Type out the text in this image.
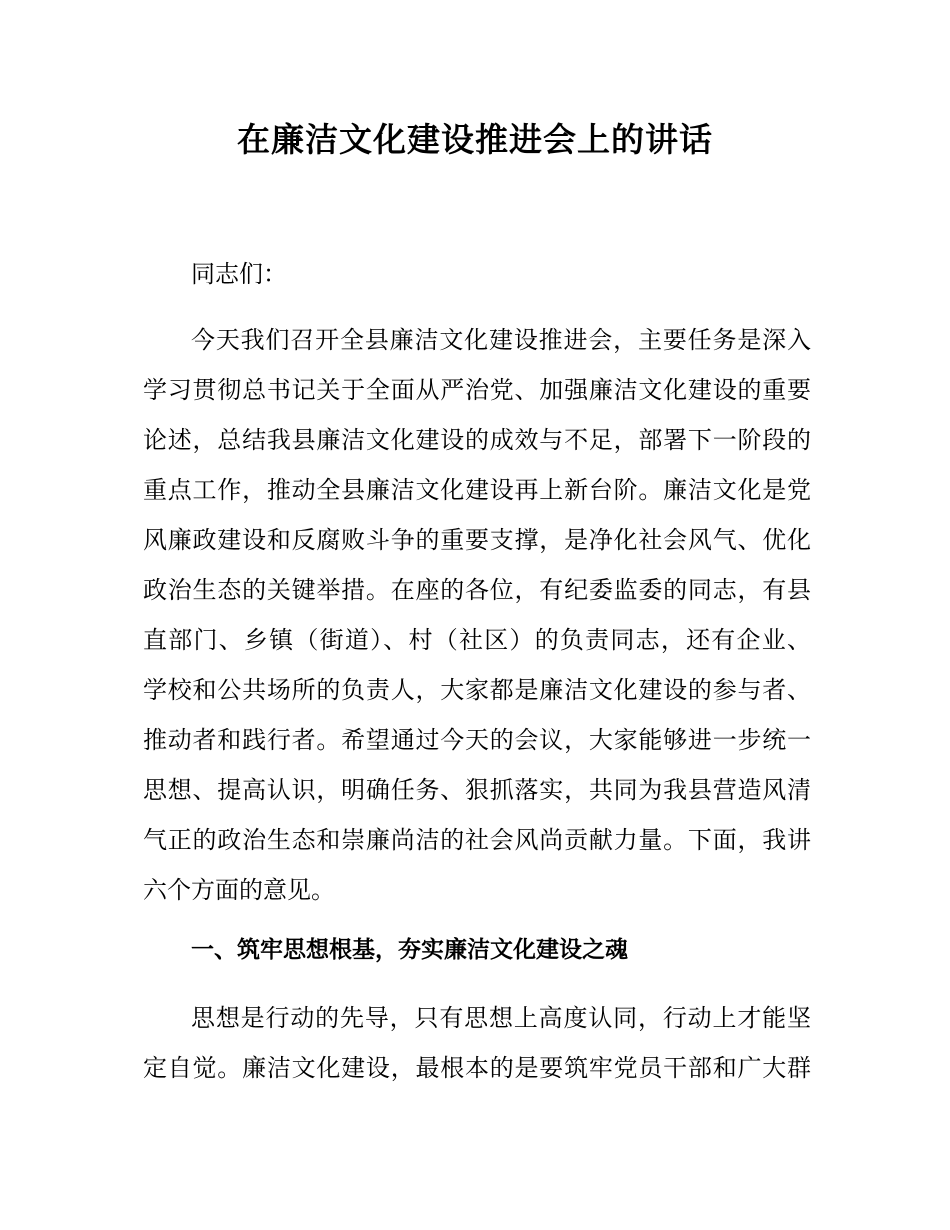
在廉洁文化建设推进会上的讲话

同志们：

今天我们召开全县廉洁文化建设推进会，主要任务是深入
学习贯彻总书记关于全面从严治党、加强廉洁文化建设的重要
论述，总结我县廉洁文化建设的成效与不足，部署下一阶段的
重点工作，推动全县廉洁文化建设再上新台阶。廉洁文化是党
风廉政建设和反腐败斗争的重要支撑，是净化社会风气、优化
政治生态的关键举措。在座的各位，有纪委监委的同志，有县
直部门、乡镇（街道）、村（社区）的负责同志，还有企业、
学校和公共场所的负责人，大家都是廉洁文化建设的参与者、
推动者和践行者。希望通过今天的会议，大家能够进一步统一
思想、提高认识，明确任务、狠抓落实，共同为我县营造风清
气正的政治生态和崇廉尚洁的社会风尚贡献力量。下面，我讲
六个方面的意见。
一、筑牢思想根基，夯实廉洁文化建设之魂
思想是行动的先导，只有思想上高度认同，行动上才能坚
定自觉。廉洁文化建设，最根本的是要筑牢党员干部和广大群
